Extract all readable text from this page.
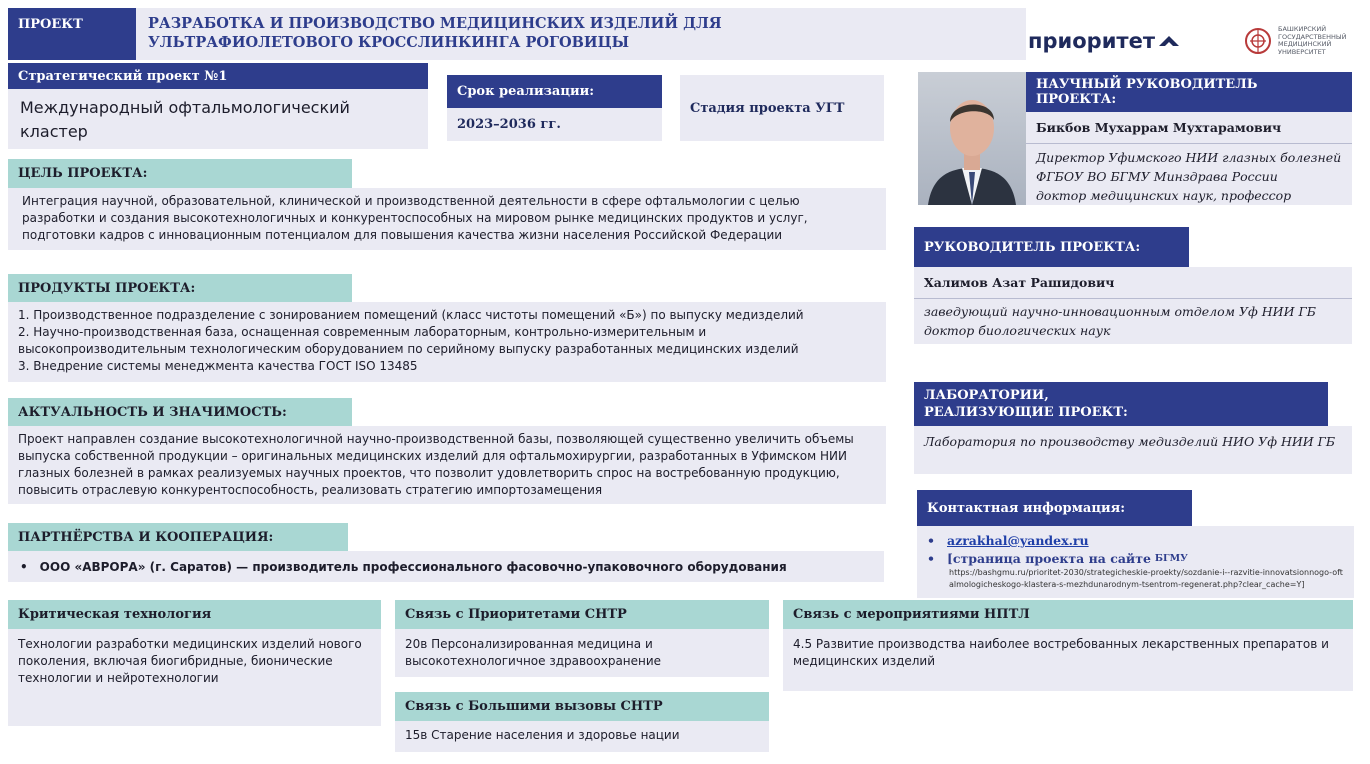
ПРОЕКТ	РАЗРАБОТКА И ПРОИЗВОДСТВО МЕДИЦИНСКИХ ИЗДЕЛИЙ ДЛЯ УЛЬТРАФИОЛЕТОВОГО КРОССЛИНКИНГА РОГОВИЦЫ	приоритет	БАШКИРСКИЙ ГОСУДАРСТВЕННЫЙ МЕДИЦИНСКИЙ УНИВЕРСИТЕТ
Стратегический проект №1
Международный офтальмологический кластер
Срок реализации:
2023–2036 гг.
Стадия проекта УГТ
ЦЕЛЬ ПРОЕКТА:
Интеграция научной, образовательной, клинической и производственной деятельности в сфере офтальмологии с целью разработки и создания высокотехнологичных и конкурентоспособных на мировом рынке медицинских продуктов и услуг, подготовки кадров с инновационным потенциалом для повышения качества жизни населения Российской Федерации
ПРОДУКТЫ ПРОЕКТА:
1. Производственное подразделение с зонированием помещений (класс чистоты помещений «Б») по выпуску медизделий
2. Научно-производственная база, оснащенная современным лабораторным, контрольно-измерительным и высокопроизводительным технологическим оборудованием по серийному выпуску разработанных медицинских изделий
3. Внедрение системы менеджмента качества ГОСТ ISO 13485
АКТУАЛЬНОСТЬ И ЗНАЧИМОСТЬ:
Проект направлен создание высокотехнологичной научно-производственной базы, позволяющей существенно увеличить объемы выпуска собственной продукции – оригинальных медицинских изделий для офтальмохирургии, разработанных в Уфимском НИИ глазных болезней в рамках реализуемых научных проектов, что позволит удовлетворить спрос на востребованную продукцию, повысить отраслевую конкурентоспособность, реализовать стратегию импортозамещения
ПАРТНЁРСТВА И КООПЕРАЦИЯ:
• ООО «АВРОРА» (г. Саратов) — производитель профессионального фасовочно-упаковочного оборудования
Критическая технология
Технологии разработки медицинских изделий нового поколения, включая биогибридные, бионические технологии и нейротехнологии
Связь с Приоритетами СНТР
20в Персонализированная медицина и высокотехнологичное здравоохранение
Связь с Большими вызовы СНТР
15в Старение населения и здоровье нации
Связь с мероприятиями НПТЛ
4.5 Развитие производства наиболее востребованных лекарственных препаратов и медицинских изделий
НАУЧНЫЙ РУКОВОДИТЕЛЬ ПРОЕКТА:
Бикбов Мухаррам Мухтарамович
Директор Уфимского НИИ глазных болезней
ФГБОУ ВО БГМУ Минздрава России
доктор медицинских наук, профессор
РУКОВОДИТЕЛЬ ПРОЕКТА:
Халимов Азат Рашидович
заведующий научно-инновационным отделом Уф НИИ ГБ
доктор биологических наук
ЛАБОРАТОРИИ,
РЕАЛИЗУЮЩИЕ ПРОЕКТ:
Лаборатория по производству медизделий НИО Уф НИИ ГБ
Контактная информация:
• azrakhal@yandex.ru
• [страница проекта на сайте БГМУ
https://bashgmu.ru/prioritet-2030/strategicheskie-proekty/sozdanie-i--razvitie-innovatsionnogo-oftalmologicheskogo-klastera-s-mezhdunarodnym-tsentrom-regenerat.php?clear_cache=Y]
